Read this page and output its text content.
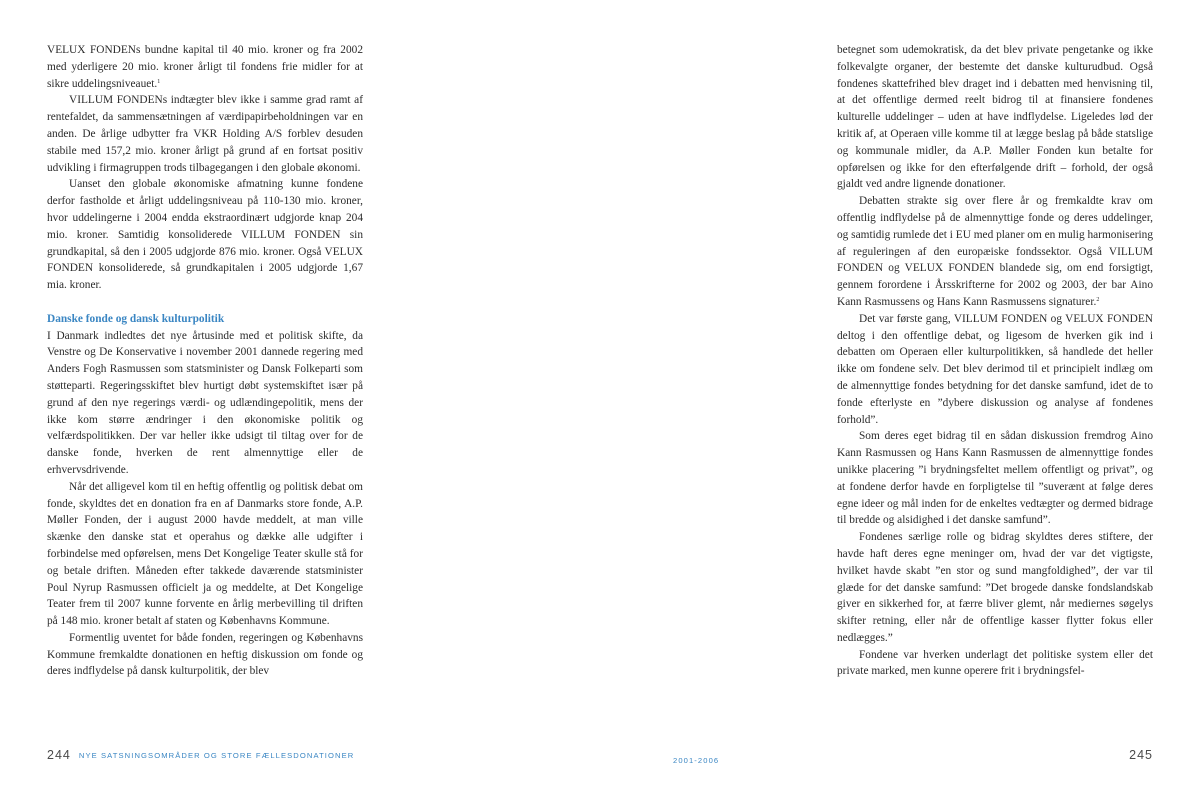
VELUX FONDENs bundne kapital til 40 mio. kroner og fra 2002 med yderligere 20 mio. kroner årligt til fondens frie midler for at sikre uddelingsniveauet.$^1$

VILLUM FONDENs indtægter blev ikke i samme grad ramt af rentefaldet, da sammensætningen af værdipapirbeholdningen var en anden. De årlige udbytter fra VKR Holding A/S forblev desuden stabile med 157,2 mio. kroner årligt på grund af en fortsat positiv udvikling i firmagruppen trods tilbagegangen i den globale økonomi.

Uanset den globale økonomiske afmatning kunne fondene derfor fastholde et årligt uddelingsniveau på 110-130 mio. kroner, hvor uddelingerne i 2004 endda ekstraordinært udgjorde knap 204 mio. kroner. Samtidig konsoliderede VILLUM FONDEN sin grundkapital, så den i 2005 udgjorde 876 mio. kroner. Også VELUX FONDEN konsoliderede, så grundkapitalen i 2005 udgjorde 1,67 mia. kroner.

Danske fonde og dansk kulturpolitik

I Danmark indledtes det nye årtusinde med et politisk skifte, da Venstre og De Konservative i november 2001 dannede regering med Anders Fogh Rasmussen som statsminister og Dansk Folkeparti som støtteparti. Regeringsskiftet blev hurtigt døbt systemskiftet især på grund af den nye regerings værdi- og udlændingepolitik, mens der ikke kom større ændringer i den økonomiske politik og velfærdspolitikken. Der var heller ikke udsigt til tiltag over for de danske fonde, hverken de rent almennyttige eller de erhvervsdrivende.

Når det alligevel kom til en heftig offentlig og politisk debat om fonde, skyldtes det en donation fra en af Danmarks store fonde, A.P. Møller Fonden, der i august 2000 havde meddelt, at man ville skænke den danske stat et operahus og dække alle udgifter i forbindelse med opførelsen, mens Det Kongelige Teater skulle stå for og betale driften. Måneden efter takkede daværende statsminister Poul Nyrup Rasmussen officielt ja og meddelte, at Det Kongelige Teater frem til 2007 kunne forvente en årlig merbevilling til driften på 148 mio. kroner betalt af staten og Københavns Kommune.

Formentlig uventet for både fonden, regeringen og Københavns Kommune fremkaldte donationen en heftig diskussion om fonde og deres indflydelse på dansk kulturpolitik, der blev

betegnet som udemokratisk, da det blev private pengetanke og ikke folkevalgte organer, der bestemte det danske kulturudbud. Også fondenes skattefrihed blev draget ind i debatten med henvisning til, at det offentlige dermed reelt bidrog til at finansiere fondenes kulturelle uddelinger – uden at have indflydelse. Ligeledes lød der kritik af, at Operaen ville komme til at lægge beslag på både statslige og kommunale midler, da A.P. Møller Fonden kun betalte for opførelsen og ikke for den efterfølgende drift – forhold, der også gjaldt ved andre lignende donationer.

Debatten strakte sig over flere år og fremkaldte krav om offentlig indflydelse på de almennyttige fonde og deres uddelinger, og samtidig rumlede det i EU med planer om en mulig harmonisering af reguleringen af den europæiske fondssektor. Også VILLUM FONDEN og VELUX FONDEN blandede sig, om end forsigtigt, gennem forordene i Årsskrifterne for 2002 og 2003, der bar Aino Kann Rasmussens og Hans Kann Rasmussens signaturer.$^2$

Det var første gang, VILLUM FONDEN og VELUX FONDEN deltog i den offentlige debat, og ligesom de hverken gik ind i debatten om Operaen eller kulturpolitikken, så handlede det heller ikke om fondene selv. Det blev derimod til et principielt indlæg om de almennyttige fondes betydning for det danske samfund, idet de to fonde efterlyste en ”dybere diskussion og analyse af fondenes forhold”.

Som deres eget bidrag til en sådan diskussion fremdrog Aino Kann Rasmussen og Hans Kann Rasmussen de almennyttige fondes unikke placering ”i brydningsfeltet mellem offentligt og privat”, og at fondene derfor havde en forpligtelse til ”suverænt at følge deres egne ideer og mål inden for de enkeltes vedtægter og dermed bidrage til bredde og alsidighed i det danske samfund”.

Fondenes særlige rolle og bidrag skyldtes deres stiftere, der havde haft deres egne meninger om, hvad der var det vigtigste, hvilket havde skabt ”en stor og sund mangfoldighed”, der var til glæde for det danske samfund: ”Det brogede danske fondslandskab giver en sikkerhed for, at færre bliver glemt, når mediernes søgelys skifter retning, eller når de offentlige kasser flytter fokus eller nedlægges.”

Fondene var hverken underlagt det politiske system eller det private marked, men kunne operere frit i brydningsfel-

244 NYE SATSNINGSOMRÅDER OG STORE FÆLLESDONATIONER
2001-2006	245
